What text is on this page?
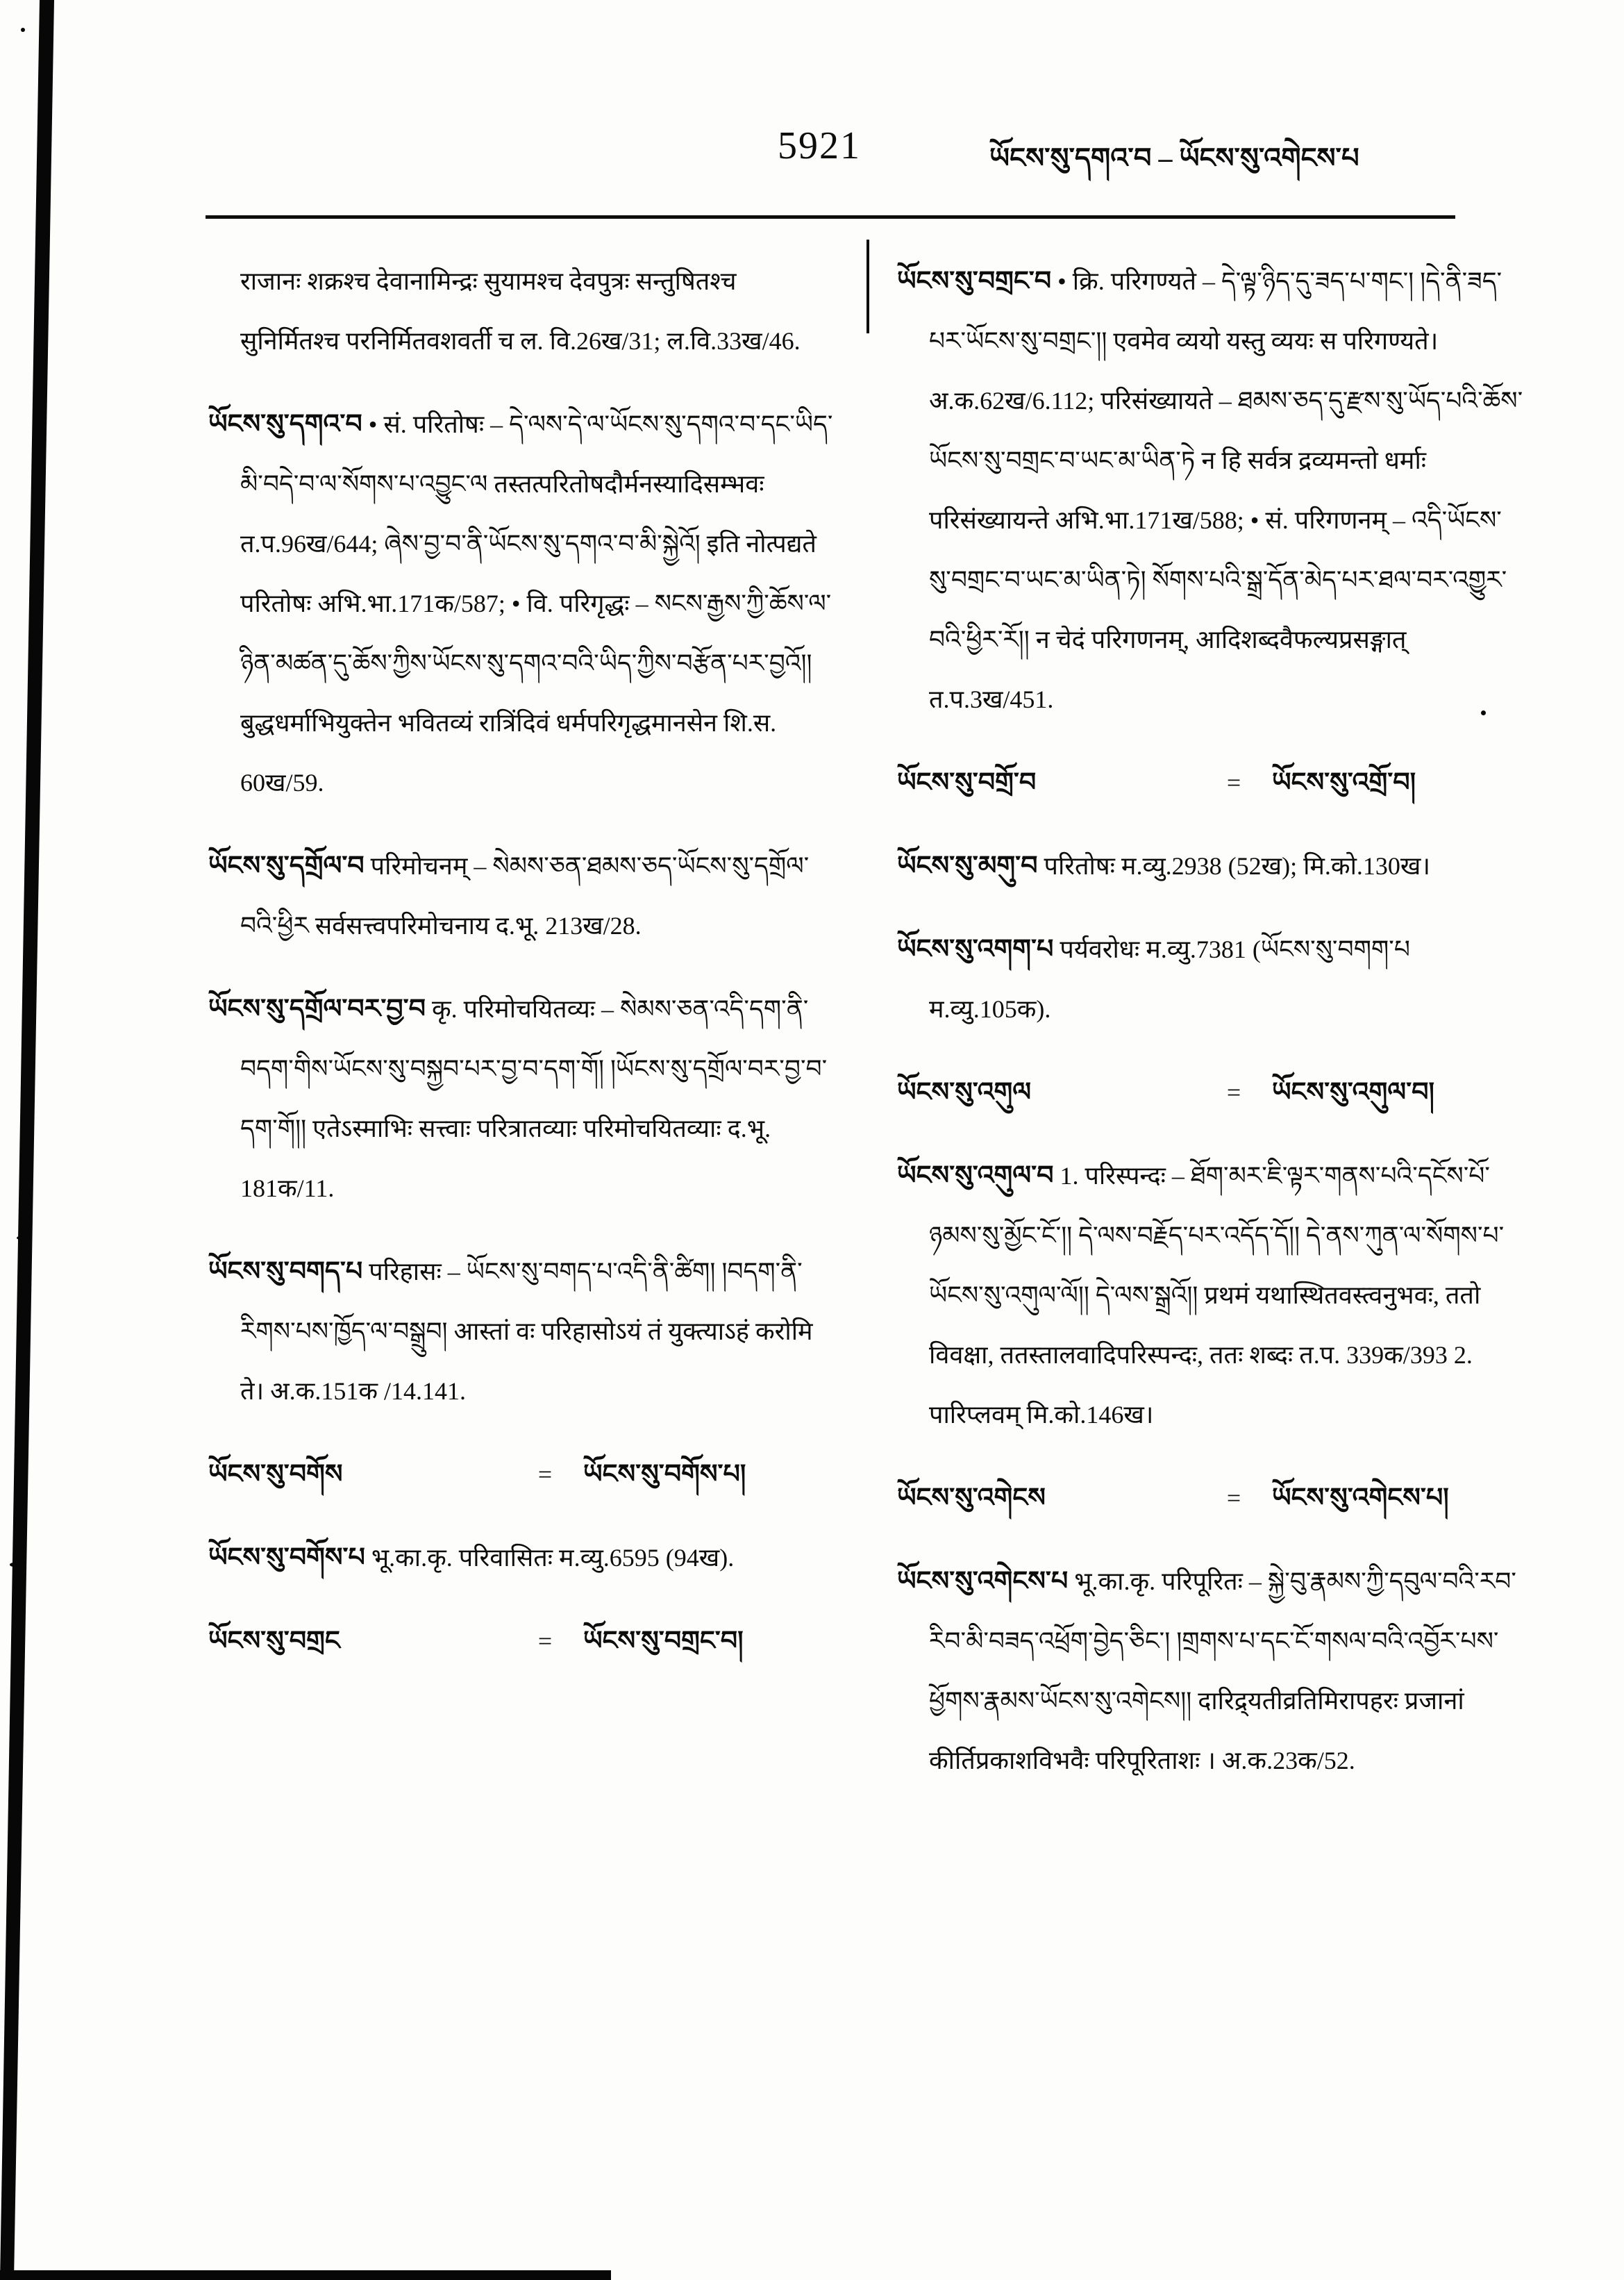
5921	ཡོངས་སུ་དགའ་བ – ཡོངས་སུ་འགེངས་པ
राजानः शक्रश्च देवानामिन्द्रः सुयामश्च देवपुत्रः सन्तुषितश्च सुनिर्मितश्च परनिर्मितवशवर्ती च ल. वि.26ख/31; ल.वि.33ख/46.
ཡོངས་སུ་དགའ་བ • सं. परितोषः – དེ་ལས་དེ་ལ་ཡོངས་སུ་དགའ་བ་དང་ཡིད་མི་བདེ་བ་ལ་སོགས་པ་འབྱུང་ལ तस्तत्परितोषदौर्मनस्यादिसम्भवः त.प.96ख/644; ཞེས་བྱ་བ་ནི་ཡོངས་སུ་དགའ་བ་མི་སྐྱེའོ། इति नोत्पद्यते परितोषः अभि.भा.171क/587; • वि. परिगृद्धः – སངས་རྒྱས་ཀྱི་ཆོས་ལ་ཉིན་མཚན་དུ་ཆོས་ཀྱིས་ཡོངས་སུ་དགའ་བའི་ཡིད་ཀྱིས་བརྩོན་པར་བྱའོ།། बुद्धधर्माभियुक्तेन भवितव्यं रात्रिंदिवं धर्मपरिगृद्धमानसेन शि.स. 60ख/59.
ཡོངས་སུ་དགྲོལ་བ परिमोचनम् – སེམས་ཅན་ཐམས་ཅད་ཡོངས་སུ་དགྲོལ་བའི་ཕྱིར सर्वसत्त्वपरिमोचनाय द.भू. 213ख/28.
ཡོངས་སུ་དགྲོལ་བར་བྱ་བ कृ. परिमोचयितव्यः – སེམས་ཅན་འདི་དག་ནི་བདག་གིས་ཡོངས་སུ་བསྐྱབ་པར་བྱ་བ་དག་གོ། །ཡོངས་སུ་དགྲོལ་བར་བྱ་བ་དག་གོ།། एतेऽस्माभिः सत्त्वाः परित्रातव्याः परिमोचयितव्याः द.भू. 181क/11.
ཡོངས་སུ་བགད་པ परिहासः – ཡོངས་སུ་བགད་པ་འདི་ནི་ཚིག། །བདག་ནི་རིགས་པས་ཁྱོད་ལ་བསྒྲུབ། आस्तां वः परिहासोऽयं तं युक्त्याऽहं करोमि ते। अ.क.151क /14.141.
ཡོངས་སུ་བགོས	=	ཡོངས་སུ་བགོས་པ།
ཡོངས་སུ་བགོས་པ भू.का.कृ. परिवासितः म.व्यु.6595 (94ख).
ཡོངས་སུ་བགྲང	=	ཡོངས་སུ་བགྲང་བ།
ཡོངས་སུ་བགྲང་བ • क्रि. परिगण्यते – དེ་ལྟ་ཉིད་དུ་ཟད་པ་གང་། །དེ་ནི་ཟད་པར་ཡོངས་སུ་བགྲང་།། एवमेव व्ययो यस्तु व्ययः स परिगण्यते। अ.क.62ख/6.112; परिसंख्यायते – ཐམས་ཅད་དུ་རྫས་སུ་ཡོད་པའི་ཆོས་ཡོངས་སུ་བགྲང་བ་ཡང་མ་ཡིན་ཏེ न हि सर्वत्र द्रव्यमन्तो धर्माः परिसंख्यायन्ते अभि.भा.171ख/588; • सं. परिगणनम् – འདི་ཡོངས་སུ་བགྲང་བ་ཡང་མ་ཡིན་ཏེ། སོགས་པའི་སྒྲ་དོན་མེད་པར་ཐལ་བར་འགྱུར་བའི་ཕྱིར་རོ།། न चेदं परिगणनम्, आदिशब्दवैफल्यप्रसङ्गात् त.प.3ख/451.
ཡོངས་སུ་བགྲོ་བ	=	ཡོངས་སུ་འགྲོ་བ།
ཡོངས་སུ་མགུ་བ परितोषः म.व्यु.2938 (52ख); मि.को.130ख।
ཡོངས་སུ་འགག་པ पर्यवरोधः म.व्यु.7381 (ཡོངས་སུ་བགག་པ म.व्यु.105क).
ཡོངས་སུ་འགུལ	=	ཡོངས་སུ་འགུལ་བ།
ཡོངས་སུ་འགུལ་བ 1. परिस्पन्दः – ཐོག་མར་ཇི་ལྟར་གནས་པའི་དངོས་པོ་ཉམས་སུ་མྱོང་ངོ་།། དེ་ལས་བརྗོད་པར་འདོད་དོ།། དེ་ནས་ཀུན་ལ་སོགས་པ་ཡོངས་སུ་འགུལ་ལོ།། དེ་ལས་སྒྲའོ།། प्रथमं यथास्थितवस्त्वनुभवः, ततो विवक्षा, ततस्तालवादिपरिस्पन्दः, ततः शब्दः त.प. 339क/393 2. पारिप्लवम् मि.को.146ख।
ཡོངས་སུ་འགེངས	=	ཡོངས་སུ་འགེངས་པ།
ཡོངས་སུ་འགེངས་པ भू.का.कृ. परिपूरितः – སྐྱེ་བུ་རྣམས་ཀྱི་དབུལ་བའི་རབ་རིབ་མི་བཟད་འཕྲོག་བྱེད་ཅིང་། །གྲགས་པ་དང་ངོ་གསལ་བའི་འབྱོར་པས་ཕྱོགས་རྣམས་ཡོངས་སུ་འགེངས།། दारिद्र्यतीव्रतिमिरापहरः प्रजानां कीर्तिप्रकाशविभवैः परिपूरिताशः । अ.क.23क/52.
